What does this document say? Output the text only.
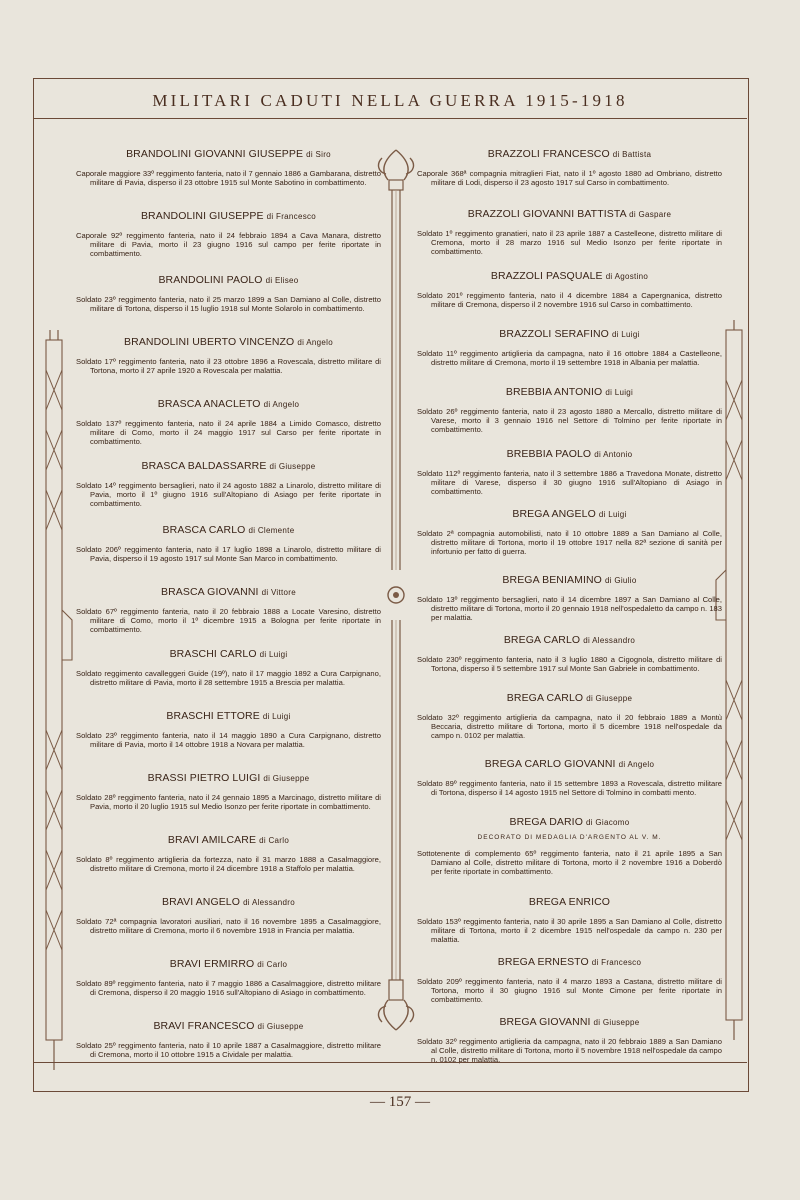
MILITARI CADUTI NELLA GUERRA 1915-1918
BRANDOLINI GIOVANNI GIUSEPPE di Siro
Caporale maggiore 33º reggimento fanteria, nato il 7 gennaio 1886 a Gambarana, distretto militare di Pavia, disperso il 23 ottobre 1915 sul Monte Sabotino in combattimento.
BRANDOLINI GIUSEPPE di Francesco
Caporale 92º reggimento fanteria, nato il 24 febbraio 1894 a Cava Manara, distretto militare di Pavia, morto il 23 giugno 1916 sul campo per ferite riportate in combattimento.
BRANDOLINI PAOLO di Eliseo
Soldato 23º reggimento fanteria, nato il 25 marzo 1899 a San Damiano al Colle, distretto militare di Tortona, disperso il 15 luglio 1918 sul Monte Solarolo in combattimento.
BRANDOLINI UBERTO VINCENZO di Angelo
Soldato 17º reggimento fanteria, nato il 23 ottobre 1896 a Rovescala, distretto militare di Tortona, morto il 27 aprile 1920 a Rovescala per malattia.
BRASCA ANACLETO di Angelo
Soldato 137º reggimento fanteria, nato il 24 aprile 1884 a Limido Comasco, distretto militare di Como, morto il 24 maggio 1917 sul Carso per ferite riportate in combattimento.
BRASCA BALDASSARRE di Giuseppe
Soldato 14º reggimento bersaglieri, nato il 24 agosto 1882 a Linarolo, distretto militare di Pavia, morto il 1º giugno 1916 sull'Altopiano di Asiago per ferite riportate in combattimento.
BRASCA CARLO di Clemente
Soldato 206º reggimento fanteria, nato il 17 luglio 1898 a Linarolo, distretto militare di Pavia, disperso il 19 agosto 1917 sul Monte San Marco in combattimento.
BRASCA GIOVANNI di Vittore
Soldato 67º reggimento fanteria, nato il 20 febbraio 1888 a Locate Varesino, distretto militare di Como, morto il 1º dicembre 1915 a Bologna per ferite riportate in combattimento.
BRASCHI CARLO di Luigi
Soldato reggimento cavalleggeri Guide (19º), nato il 17 maggio 1892 a Cura Carpignano, distretto militare di Pavia, morto il 28 settembre 1915 a Brescia per malattia.
BRASCHI ETTORE di Luigi
Soldato 23º reggimento fanteria, nato il 14 maggio 1890 a Cura Carpignano, distretto militare di Pavia, morto il 14 ottobre 1918 a Novara per malattia.
BRASSI PIETRO LUIGI di Giuseppe
Soldato 28º reggimento fanteria, nato il 24 gennaio 1895 a Marcinago, distretto militare di Pavia, morto il 20 luglio 1915 sul Medio Isonzo per ferite riportate in combattimento.
BRAVI AMILCARE di Carlo
Soldato 8º reggimento artiglieria da fortezza, nato il 31 marzo 1888 a Casalmaggiore, distretto militare di Cremona, morto il 24 dicembre 1918 a Staffolo per malattia.
BRAVI ANGELO di Alessandro
Soldato 72ª compagnia lavoratori ausiliari, nato il 16 novembre 1895 a Casalmaggiore, distretto militare di Cremona, morto il 6 novembre 1918 in Francia per malattia.
BRAVI ERMIRRO di Carlo
Soldato 89º reggimento fanteria, nato il 7 maggio 1886 a Casalmaggiore, distretto militare di Cremona, disperso il 20 maggio 1916 sull'Altopiano di Asiago in combattimento.
BRAVI FRANCESCO di Giuseppe
Soldato 25º reggimento fanteria, nato il 10 aprile 1887 a Casalmaggiore, distretto militare di Cremona, morto il 10 ottobre 1915 a Cividale per malattia.
BRAZZOLI FRANCESCO di Battista
Caporale 368ª compagnia mitraglieri Fiat, nato il 1º agosto 1880 ad Ombriano, distretto militare di Lodi, disperso il 23 agosto 1917 sul Carso in combattimento.
BRAZZOLI GIOVANNI BATTISTA di Gaspare
Soldato 1º reggimento granatieri, nato il 23 aprile 1887 a Castelleone, distretto militare di Cremona, morto il 28 marzo 1916 sul Medio Isonzo per ferite riportate in combattimento.
BRAZZOLI PASQUALE di Agostino
Soldato 201º reggimento fanteria, nato il 4 dicembre 1884 a Capergnanica, distretto militare di Cremona, disperso il 2 novembre 1916 sul Carso in combattimento.
BRAZZOLI SERAFINO di Luigi
Soldato 11º reggimento artiglieria da campagna, nato il 16 ottobre 1884 a Castelleone, distretto militare di Cremona, morto il 19 settembre 1918 in Albania per malattia.
BREBBIA ANTONIO di Luigi
Soldato 26º reggimento fanteria, nato il 23 agosto 1880 a Mercallo, distretto militare di Varese, morto il 3 gennaio 1916 nel Settore di Tolmino per ferite riportate in combattimento.
BREBBIA PAOLO di Antonio
Soldato 112º reggimento fanteria, nato il 3 settembre 1886 a Travedona Monate, distretto militare di Varese, disperso il 30 giugno 1916 sull'Altopiano di Asiago in combattimento.
BREGA ANGELO di Luigi
Soldato 2ª compagnia automobilisti, nato il 10 ottobre 1889 a San Damiano al Colle, distretto militare di Tortona, morto il 19 ottobre 1917 nella 82ª sezione di sanità per infortunio per fatto di guerra.
BREGA BENIAMINO di Giulio
Soldato 13º reggimento bersaglieri, nato il 14 dicembre 1897 a San Damiano al Colle, distretto militare di Tortona, morto il 20 gennaio 1918 nell'ospedaletto da campo n. 183 per malattia.
BREGA CARLO di Alessandro
Soldato 230º reggimento fanteria, nato il 3 luglio 1880 a Cigognola, distretto militare di Tortona, disperso il 5 settembre 1917 sul Monte San Gabriele in combattimento.
BREGA CARLO di Giuseppe
Soldato 32º reggimento artiglieria da campagna, nato il 20 febbraio 1889 a Montù Beccaria, distretto militare di Tortona, morto il 5 dicembre 1918 nell'ospedale da campo n. 0102 per malattia.
BREGA CARLO GIOVANNI di Angelo
Soldato 89º reggimento fanteria, nato il 15 settembre 1893 a Rovescala, distretto militare di Tortona, disperso il 14 agosto 1915 nel Settore di Tolmino in combatti mento.
BREGA DARIO di Giacomo
DECORATO DI MEDAGLIA D'ARGENTO AL V. M.
Sottotenente di complemento 65º reggimento fanteria, nato il 21 aprile 1895 a San Damiano al Colle, distretto militare di Tortona, morto il 2 novembre 1916 a Doberdò per ferite riportate in combattimento.
BREGA ENRICO
Soldato 153º reggimento fanteria, nato il 30 aprile 1895 a San Damiano al Colle, distretto militare di Tortona, morto il 2 dicembre 1915 nell'ospedale da campo n. 230 per malattia.
BREGA ERNESTO di Francesco
Soldato 209º reggimento fanteria, nato il 4 marzo 1893 a Castana, distretto militare di Tortona, morto il 30 giugno 1916 sul Monte Cimone per ferite riportate in combattimento.
BREGA GIOVANNI di Giuseppe
Soldato 32º reggimento artiglieria da campagna, nato il 20 febbraio 1889 a San Damiano al Colle, distretto militare di Tortona, morto il 5 novembre 1918 nell'ospedale da campo n. 0102 per malattia.
— 157 —
